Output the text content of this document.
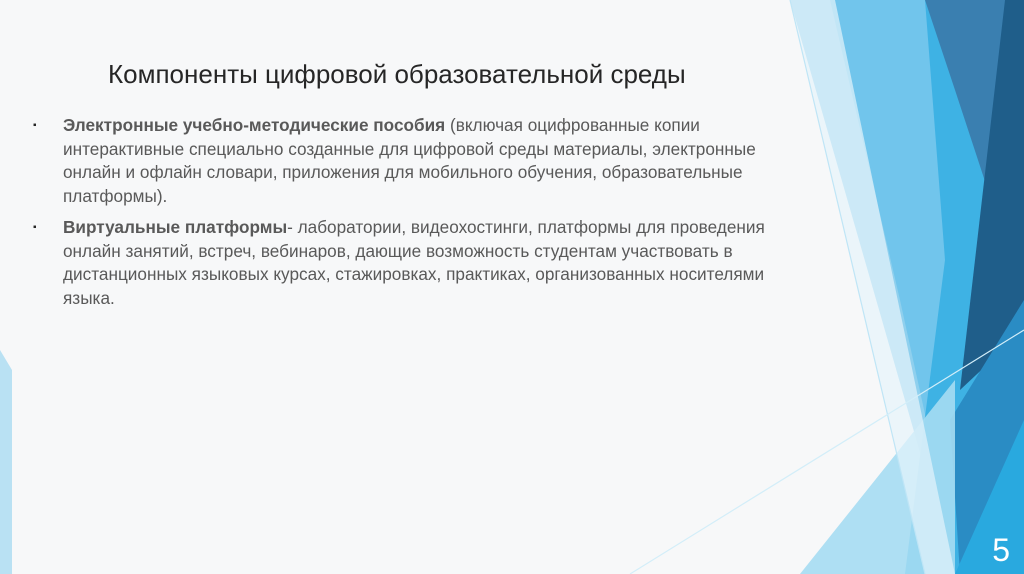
Компоненты цифровой образовательной среды
▪	Электронные учебно-методические пособия (включая оцифрованные копии интерактивные специально созданные для цифровой среды материалы, электронные онлайн и офлайн словари, приложения для мобильного обучения, образовательные платформы).
▪	Виртуальные платформы- лаборатории, видеохостинги, платформы для проведения онлайн занятий, встреч, вебинаров, дающие возможность студентам участвовать в дистанционных языковых курсах, стажировках, практиках, организованных носителями языка.
5
